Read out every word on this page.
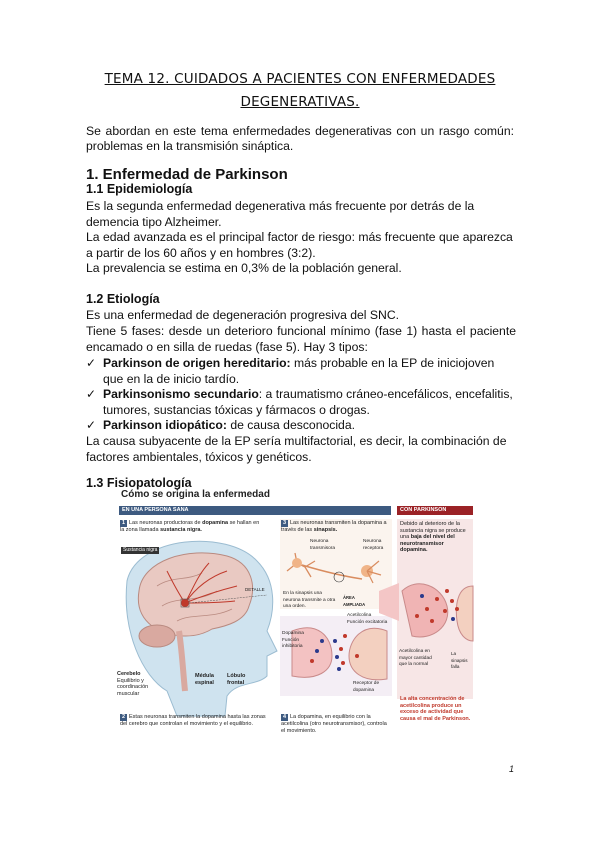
TEMA 12. CUIDADOS A PACIENTES CON ENFERMEDADES
DEGENERATIVAS.
Se abordan en este tema enfermedades degenerativas con un rasgo común: problemas en la transmisión sináptica.
1. Enfermedad de Parkinson
1.1 Epidemiología
Es la segunda enfermedad degenerativa más frecuente por detrás de la demencia tipo Alzheimer.
La edad avanzada es el principal factor de riesgo: más frecuente que aparezca a partir de los 60 años y en hombres (3:2).
La prevalencia se estima en 0,3% de la población general.
1.2 Etiología
Es una enfermedad de degeneración progresiva del SNC.
Tiene 5 fases: desde un deterioro funcional mínimo (fase 1) hasta el paciente encamado o en silla de ruedas (fase 5). Hay 3 tipos:
✓ Parkinson de origen hereditario: más probable en la EP de iniciojoven que en la de inicio tardío.
✓ Parkinsonismo secundario: a traumatismo cráneo-encefálicos, encefalitis, tumores, sustancias tóxicas y fármacos o drogas.
✓ Parkinson idiopático: de causa desconocida.
La causa subyacente de la EP sería multifactorial, es decir, la combinación de factores ambientales, tóxicos y genéticos.
1.3 Fisiopatología
Cómo se origina la enfermedad
EN UNA PERSONA SANA	CON PARKINSON
1 Las neuronas productoras de dopamina se hallan en la zona llamada sustancia nigra.
Sustancia nigra
DETALLE
Cerebelo
Equilibrio y coordinación muscular
Médula espinal
Lóbulo frontal
2 Estas neuronas transmiten la dopamina hasta las zonas del cerebro que controlan el movimiento y el equilibrio.
3 Las neuronas transmiten la dopamina a través de las sinapsis.
Neurona transmisora
Neurona receptora
En la sinapsis una neurona transmite a otra una orden.
ÁREA AMPLIADA
Dopamina Función inhibitoria
Acetilcolina Función excitatoria
Receptor de dopamina
4 La dopamina, en equilibrio con la acetilcolina (otro neurotransmisor), controla el movimiento.
Debido al deterioro de la sustancia nigra se produce una baja del nivel del neurotransmisor dopamina.
Acetilcolina en mayor cantidad que la normal
La sinapsis falla
La alta concentración de acetilcolina produce un exceso de actividad que causa el mal de Parkinson.
1
